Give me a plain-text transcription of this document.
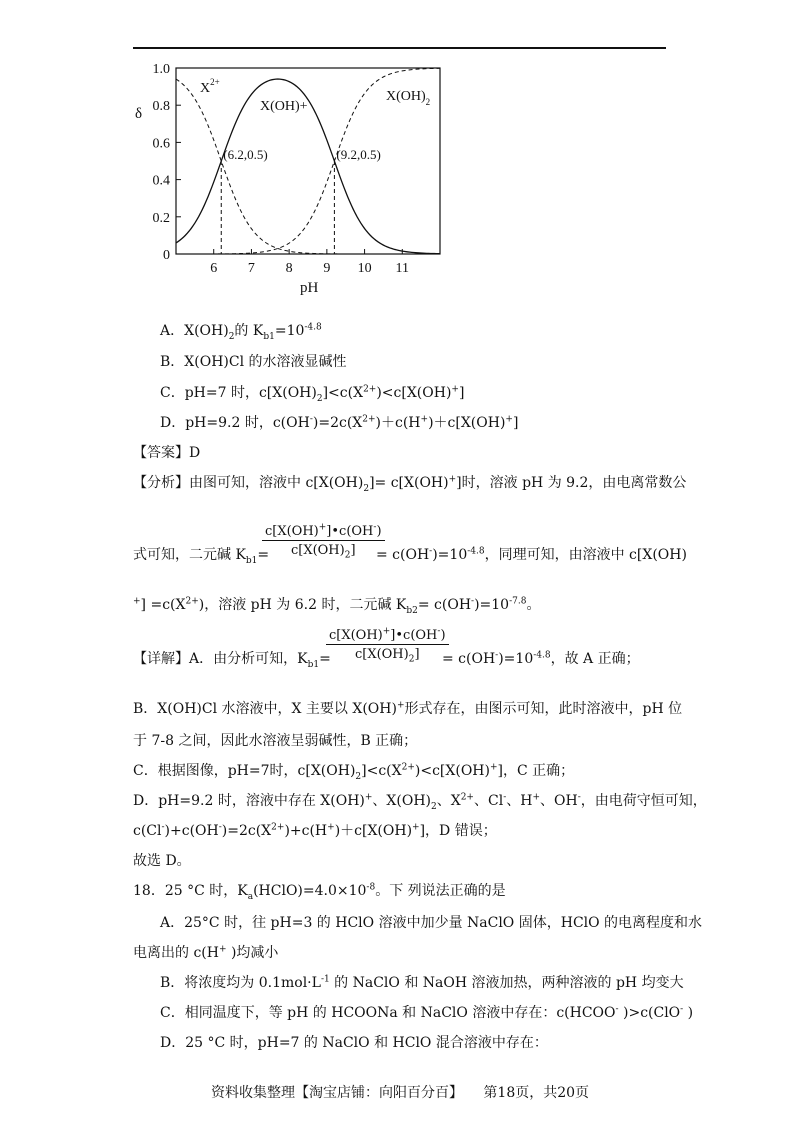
6 7 8 9 10 11
0
0.2
0.4
0.6
0.8
1.0
(6.2,0.5)	(9.2,0.5)
$X^{2+}$
X(OH)+
$X(OH)_2$
δ
pH
A．$X(OH)_2$的 $K_{b1}=10^{-4.8}$
B．X(OH)Cl 的水溶液显碱性
C．pH=7 时，$c[X(OH)_2]<c(X^{2+})<c[X(OH)^+]$
D．pH=9.2 时，$c(OH^-)=2c(X^{2+})+c(H^+)+c[X(OH)^+]$
【答案】D
【分析】由图可知，溶液中 $c[X(OH)_2]= c[X(OH)^+]$时，溶液 pH 为 9.2，由电离常数公
$\frac{c[X(OH)^+]•c(OH^-)}{c[X(OH)_2]}$
式可知，二元碱 $K_{b1}=$	= $c(OH^-)=10^{-4.8}$，同理可知，由溶液中 c[X(OH)
$^+] =c(X^{2+})$，溶液 pH 为 6.2 时，二元碱 $K_{b2}= c(OH^-)=10^{-7.8}$。
$\frac{c[X(OH)^+]•c(OH^-)}{c[X(OH)_2]}$
【详解】A．由分析可知，$K_{b1}=$	= $c(OH^-)=10^{-4.8}$，故 A 正确；
B．X(OH)Cl 水溶液中，X 主要以 X(OH)+形式存在，由图示可知，此时溶液中，pH 位
于 7-8 之间，因此水溶液呈弱碱性，B 正确；
C．根据图像，pH=7时，$c[X(OH)_2]<c(X^{2+})<c[X(OH)^+]$，C 正确；
D．pH=9.2 时，溶液中存在 X(OH)+、$X(OH)_2$、$X^{2+}$、Cl-、H+、OH-，由电荷守恒可知，
$c(Cl^-)+c(OH^-)=2c(X^{2+})+c(H^+)+c[X(OH)^+]$，D 错误；
故选 D。
18．25 °C 时，$K_a(HClO)=4.0\times 10^{-8}$。下 列说法正确的是
A．25°C 时，往 pH=3 的 HClO 溶液中加少量 NaClO 固体，HClO 的电离程度和水
电离出的 c(H+ )均减小
B．将浓度均为 $0.1mol\cdot L^{-1}$ 的 NaClO 和 NaOH 溶液加热，两种溶液的 pH 均变大
C．相同温度下，等 pH 的 HCOONa 和 NaClO 溶液中存在：c(HCOO- )>c(ClO- )
D．25 °C 时，pH=7 的 NaClO 和 HClO 混合溶液中存在：
资料收集整理【淘宝店铺：向阳百分百】 第18页，共20页
